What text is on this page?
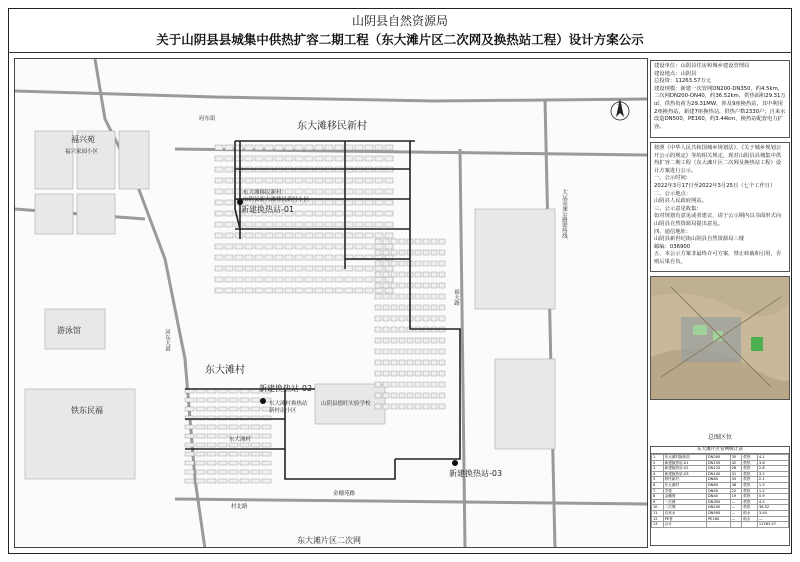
山阴县自然资源局
关于山阴县县城集中供热扩容二期工程（东大滩片区二次网及换热站工程）设计方案公示
东大滩移民新村
东大滩村
福兴苑
福兴家园小区
游泳馆
铁东民福
府东街
河东大道
裕大路
大运高速公路联络线
新建换热站-01
东大滩移民新村
山阴县新大滩移民新村小区
新建换热站-02
东大滩村换热站
新村南小区
新建换热站-03
山阴县德旺实验学校
东大滩村
金穗苑路
村北路
东大滩片区二次网
北

建设单位：山阴县住房和城乡建设管理局

建设地点：山阴县

总投资：11263.57万元

建设规模：新建一次管网DN200-DN350，约4.5km，二次网DN200-DN40，约36.52km，供热面积29.31万㎡，供热负荷为29.31MW，涉及9座换热站，其中利用2座换热站，新建7座换热站，供热户数2330户；自来水改造DN500，PE160，约3.44km，换热站配套电力扩容。

按照《中华人民共和国城乡规划法》、《关于城乡规划公开公示的规定》等的相关规定，现对山阴县县城集中供热扩容二期工程（东大滩片区二次网及换热站工程）设计方案进行公示。

一、公示时间：

2022年3月17日至2022年3月25日（七个工作日）

二、公示地点：

山阴县人民政府网站。

三、公示意见收集：

如对规划有意见或者建议，请于公示期内以书面形式向山阴县自然资源局提出意见。

四、通信地址：

山阴县新世纪街山阴县自然资源局三楼

邮编：036900

五、本公示方案非最终许可方案，禁止转载和引用，否则后果自负。

总图区位
东大滩片区管网统计表
1	东大滩村换热站	DN200	35	供热	4.1
2	新建换热站-01	DN150	42	供热	3.6
3	新建换热站-02	DN125	28	供热	2.8
4	新建换热站-03	DN100	31	供热	3.2
5	移民新村	DN80	45	供热	2.1
6	东大滩村	DN65	38	供热	1.9
7	学校	DN50	22	供热	1.2
8	金穗苑	DN40	19	供热	0.9
9	一次网	DN350	—	供热	4.5
10	二次网	DN200	—	供热	36.52
11	自来水	DN500	—	给水	3.44
12	PE管	PE160	—	给水	—
13	合计				11263.57
